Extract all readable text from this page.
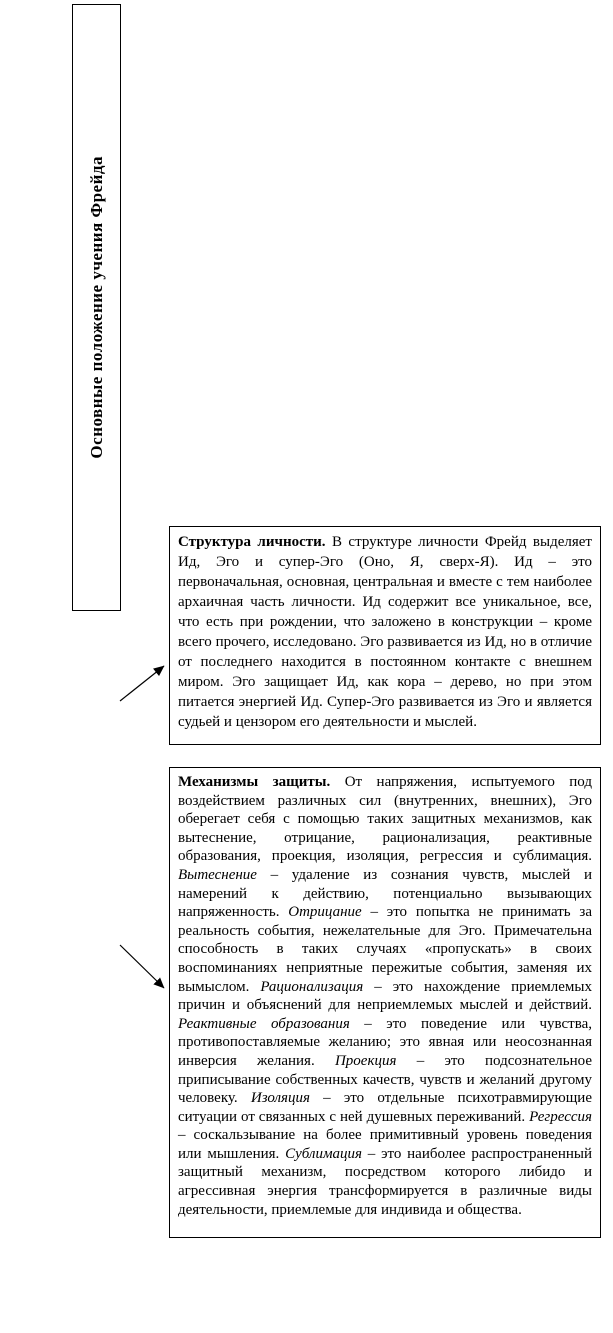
Основные положение учения Фрейда

Структура личности. В структуре личности Фрейд выделяет Ид, Эго и супер-Эго (Оно, Я, сверх-Я). Ид – это первоначальная, основная, центральная и вместе с тем наиболее архаичная часть личности. Ид содержит все уникальное, все, что есть при рождении, что заложено в конструкции – кроме всего прочего, исследовано. Эго развивается из Ид, но в отличие от последнего находится в постоянном контакте с внешнем миром. Эго защищает Ид, как кора – дерево, но при этом питается энергией Ид. Супер-Эго развивается из Эго и является судьей и цензором его деятельности и мыслей.

Механизмы защиты. От напряжения, испытуемого под воздействием различных сил (внутренних, внешних), Эго оберегает себя с помощью таких защитных механизмов, как вытеснение, отрицание, рационализация, реактивные образования, проекция, изоляция, регрессия и сублимация. Вытеснение – удаление из сознания чувств, мыслей и намерений к действию, потенциально вызывающих напряженность. Отрицание – это попытка не принимать за реальность события, нежелательные для Эго. Примечательна способность в таких случаях «пропускать» в своих воспоминаниях неприятные пережитые события, заменяя их вымыслом. Рационализация – это нахождение приемлемых причин и объяснений для неприемлемых мыслей и действий. Реактивные образования – это поведение или чувства, противопоставляемые желанию; это явная или неосознанная инверсия желания. Проекция – это подсознательное приписывание собственных качеств, чувств и желаний другому человеку. Изоляция – это отдельные психотравмирующие ситуации от связанных с ней душевных переживаний. Регрессия – соскальзывание на более примитивный уровень поведения или мышления. Сублимация – это наиболее распространенный защитный механизм, посредством которого либидо и агрессивная энергия трансформируется в различные виды деятельности, приемлемые для индивида и общества.
